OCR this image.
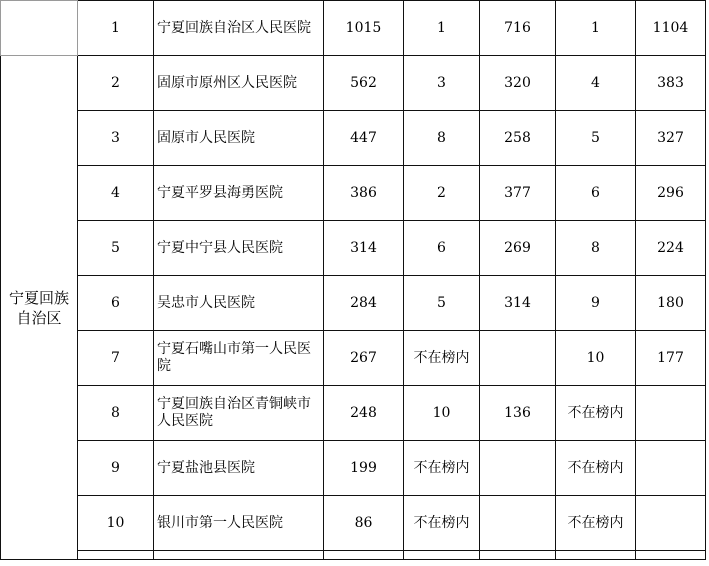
	1	宁夏回族自治区人民医院	1015	1	716	1	1104
宁夏回族自治区	2	固原市原州区人民医院	562	3	320	4	383
	3	固原市人民医院	447	8	258	5	327
	4	宁夏平罗县海勇医院	386	2	377	6	296
	5	宁夏中宁县人民医院	314	6	269	8	224
	6	吴忠市人民医院	284	5	314	9	180
	7	宁夏石嘴山市第一人民医院	267	不在榜内		10	177
	8	宁夏回族自治区青铜峡市人民医院	248	10	136	不在榜内	
	9	宁夏盐池县医院	199	不在榜内		不在榜内	
	10	银川市第一人民医院	86	不在榜内		不在榜内	
